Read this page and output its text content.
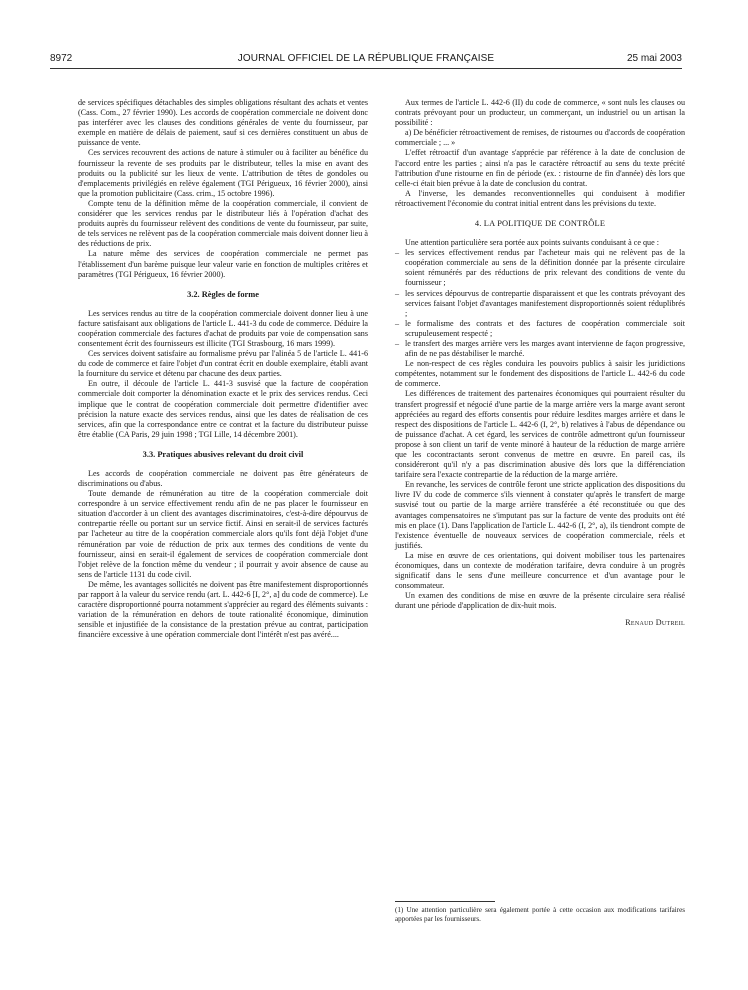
8972	JOURNAL OFFICIEL DE LA RÉPUBLIQUE FRANÇAISE	25 mai 2003

de services spécifiques détachables des simples obligations résultant des achats et ventes (Cass. Com., 27 février 1990). Les accords de coopération commerciale ne doivent donc pas interférer avec les clauses des conditions générales de vente du fournisseur, par exemple en matière de délais de paiement, sauf si ces dernières constituent un abus de puissance de vente.

Ces services recouvrent des actions de nature à stimuler ou à faciliter au bénéfice du fournisseur la revente de ses produits par le distributeur, telles la mise en avant des produits ou la publicité sur les lieux de vente. L'attribution de têtes de gondoles ou d'emplacements privilégiés en relève également (TGI Périgueux, 16 février 2000), ainsi que la promotion publicitaire (Cass. crim., 15 octobre 1996).

Compte tenu de la définition même de la coopération commerciale, il convient de considérer que les services rendus par le distributeur liés à l'opération d'achat des produits auprès du fournisseur relèvent des conditions de vente du fournisseur, par suite, de tels services ne relèvent pas de la coopération commerciale mais doivent donner lieu à des réductions de prix.

La nature même des services de coopération commerciale ne permet pas l'établissement d'un barème puisque leur valeur varie en fonction de multiples critères et paramètres (TGI Périgueux, 16 février 2000).

3.2. Règles de forme

Les services rendus au titre de la coopération commerciale doivent donner lieu à une facture satisfaisant aux obligations de l'article L. 441-3 du code de commerce. Déduire la coopération commerciale des factures d'achat de produits par voie de compensation sans consentement écrit des fournisseurs est illicite (TGI Strasbourg, 16 mars 1999).

Ces services doivent satisfaire au formalisme prévu par l'alinéa 5 de l'article L. 441-6 du code de commerce et faire l'objet d'un contrat écrit en double exemplaire, établi avant la fourniture du service et détenu par chacune des deux parties.

En outre, il découle de l'article L. 441-3 susvisé que la facture de coopération commerciale doit comporter la dénomination exacte et le prix des services rendus. Ceci implique que le contrat de coopération commerciale doit permettre d'identifier avec précision la nature exacte des services rendus, ainsi que les dates de réalisation de ces services, afin que la correspondance entre ce contrat et la facture du distributeur puisse être établie (CA Paris, 29 juin 1998 ; TGI Lille, 14 décembre 2001).

3.3. Pratiques abusives relevant du droit civil

Les accords de coopération commerciale ne doivent pas être générateurs de discriminations ou d'abus.

Toute demande de rémunération au titre de la coopération commerciale doit correspondre à un service effectivement rendu afin de ne pas placer le fournisseur en situation d'accorder à un client des avantages discriminatoires, c'est-à-dire dépourvus de contrepartie réelle ou portant sur un service fictif. Ainsi en serait-il de services facturés par l'acheteur au titre de la coopération commerciale alors qu'ils font déjà l'objet d'une rémunération par voie de réduction de prix aux termes des conditions de vente du fournisseur, ainsi en serait-il également de services de coopération commerciale dont l'objet relève de la fonction même du vendeur ; il pourrait y avoir absence de cause au sens de l'article 1131 du code civil.

De même, les avantages sollicités ne doivent pas être manifestement disproportionnés par rapport à la valeur du service rendu (art. L. 442-6 [I, 2°, a] du code de commerce). Le caractère disproportionné pourra notamment s'apprécier au regard des éléments suivants : variation de la rémunération en dehors de toute rationalité économique, diminution sensible et injustifiée de la consistance de la prestation prévue au contrat, participation financière excessive à une opération commerciale dont l'intérêt n'est pas avéré....

Aux termes de l'article L. 442-6 (II) du code de commerce, « sont nuls les clauses ou contrats prévoyant pour un producteur, un commerçant, un industriel ou un artisan la possibilité :

a) De bénéficier rétroactivement de remises, de ristournes ou d'accords de coopération commerciale ; ... »

L'effet rétroactif d'un avantage s'apprécie par référence à la date de conclusion de l'accord entre les parties ; ainsi n'a pas le caractère rétroactif au sens du texte précité l'attribution d'une ristourne en fin de période (ex. : ristourne de fin d'année) dès lors que celle-ci était bien prévue à la date de conclusion du contrat.

A l'inverse, les demandes reconventionnelles qui conduisent à modifier rétroactivement l'économie du contrat initial entrent dans les prévisions du texte.

4. LA POLITIQUE DE CONTRÔLE

Une attention particulière sera portée aux points suivants conduisant à ce que :

– les services effectivement rendus par l'acheteur mais qui ne relèvent pas de la coopération commerciale au sens de la définition donnée par la présente circulaire soient rémunérés par des réductions de prix relevant des conditions de vente du fournisseur ;
– les services dépourvus de contrepartie disparaissent et que les contrats prévoyant des services faisant l'objet d'avantages manifestement disproportionnés soient réduplibrés ;
– le formalisme des contrats et des factures de coopération commerciale soit scrupuleusement respecté ;
– le transfert des marges arrière vers les marges avant intervienne de façon progressive, afin de ne pas déstabiliser le marché.

Le non-respect de ces règles conduira les pouvoirs publics à saisir les juridictions compétentes, notamment sur le fondement des dispositions de l'article L. 442-6 du code de commerce.

Les différences de traitement des partenaires économiques qui pourraient résulter du transfert progressif et négocié d'une partie de la marge arrière vers la marge avant seront appréciées au regard des efforts consentis pour réduire lesdites marges arrière et dans le respect des dispositions de l'article L. 442-6 (I, 2°, b) relatives à l'abus de dépendance ou de puissance d'achat. A cet égard, les services de contrôle admettront qu'un fournisseur propose à son client un tarif de vente minoré à hauteur de la réduction de marge arrière que les cocontractants seront convenus de mettre en œuvre. En pareil cas, ils considéreront qu'il n'y a pas discrimination abusive dès lors que la différenciation tarifaire sera l'exacte contrepartie de la réduction de la marge arrière.

En revanche, les services de contrôle feront une stricte application des dispositions du livre IV du code de commerce s'ils viennent à constater qu'après le transfert de marge susvisé tout ou partie de la marge arrière transférée a été reconstituée ou que des avantages compensatoires ne s'imputant pas sur la facture de vente des produits ont été mis en place (1). Dans l'application de l'article L. 442-6 (I, 2°, a), ils tiendront compte de l'existence éventuelle de nouveaux services de coopération commerciale, réels et justifiés.

La mise en œuvre de ces orientations, qui doivent mobiliser tous les partenaires économiques, dans un contexte de modération tarifaire, devra conduire à un progrès significatif dans le sens d'une meilleure concurrence et d'un avantage pour le consommateur.

Un examen des conditions de mise en œuvre de la présente circulaire sera réalisé durant une période d'application de dix-huit mois.

Renaud Dutreil
(1) Une attention particulière sera également portée à cette occasion aux modifications tarifaires apportées par les fournisseurs.
